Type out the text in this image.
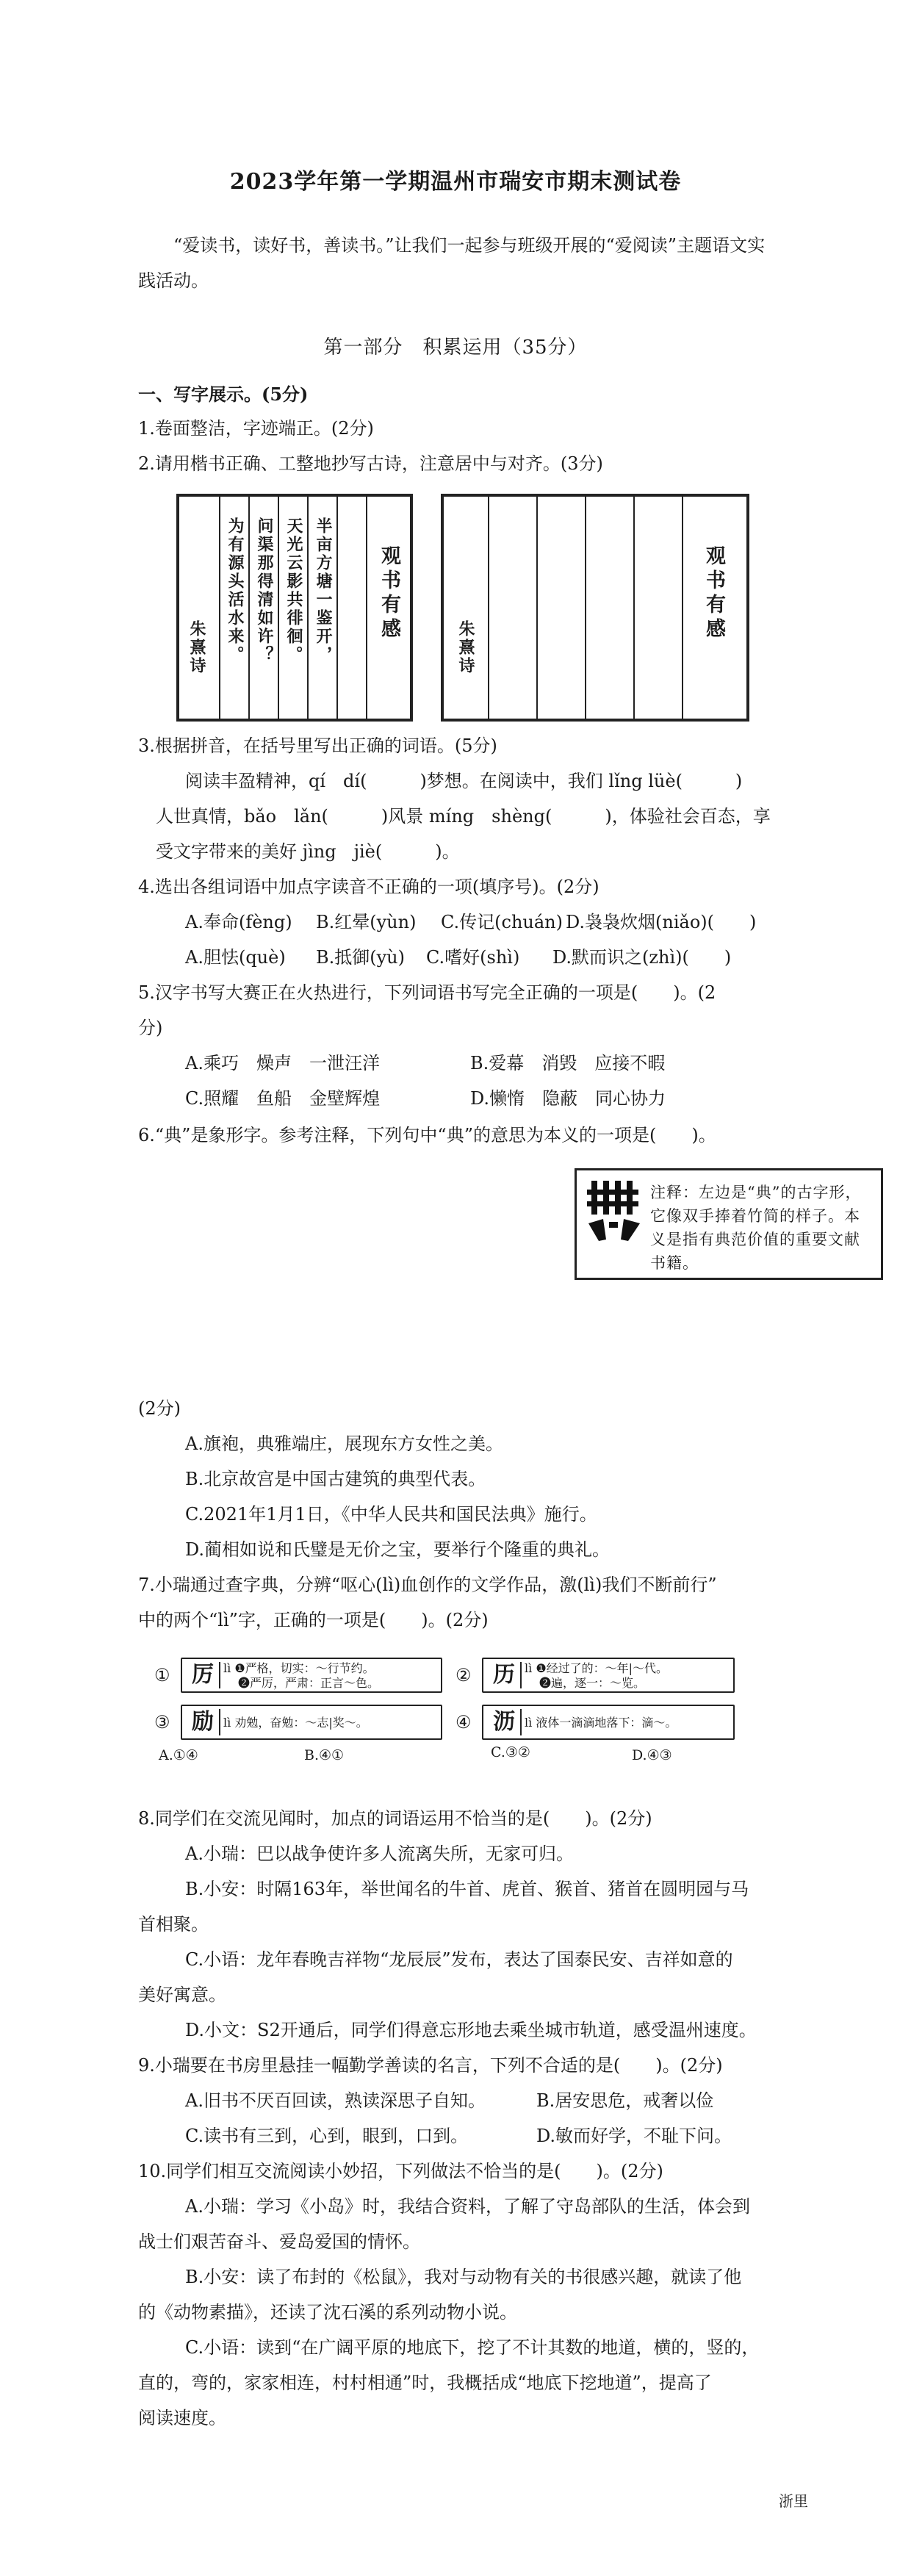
2023学年第一学期温州市瑞安市期末测试卷
“爱读书，读好书，善读书。”让我们一起参与班级开展的“爱阅读”主题语文实践活动。
第一部分　积累运用（35分）
一、写字展示。(5分)
1.卷面整洁，字迹端正。(2分)
2.请用楷书正确、工整地抄写古诗，注意居中与对齐。(3分)
朱熹诗 为有源头活水来。 问渠那得清如许？ 天光云影共徘徊。 半亩方塘一鉴开， 观书有感
朱熹诗
观书有感
3.根据拼音，在括号里写出正确的词语。(5分)
阅读丰盈精神，qí　dí(　　　)梦想。在阅读中，我们 lǐng lüè(　　　)
人世真情，bǎo　lǎn(　　　)风景 míng　shèng(　　　)，体验社会百态，享
受文字带来的美好 jìng　jiè(　　　)。
4.选出各组词语中加点字读音不正确的一项(填序号)。(2分)
A.奉命(fèng) B.红晕(yùn) C.传记(chuán) D.袅袅炊烟(niǎo)(　　)
A.胆怯(què) B.抵御(yù) C.嗜好(shì) D.默而识之(zhì)(　　)
5.汉字书写大赛正在火热进行，下列词语书写完全正确的一项是(　　)。(2
分)
A.乘巧　燥声　一泄汪洋	B.爱幕　消毁　应接不暇
C.照耀　鱼船　金壁辉煌	D.懒惰　隐蔽　同心协力
6.“典”是象形字。参考注释，下列句中“典”的意思为本义的一项是(　　)。
注释：左边是“典”的古字形，它像双手捧着竹简的样子。本义是指有典范价值的重要文献书籍。
(2分)
A.旗袍，典雅端庄，展现东方女性之美。
B.北京故宫是中国古建筑的典型代表。
C.2021年1月1日，《中华人民共和国民法典》施行。
D.蔺相如说和氏璧是无价之宝，要举行个隆重的典礼。
7.小瑞通过查字典，分辨“呕心(lì)血创作的文学作品，激(lì)我们不断前行”
中的两个“lì”字，正确的一项是(　　)。(2分)
① 厉 lì ❶严格，切实：～行节约。
❷严厉，严肃：正言～色。	② 历 lì ❶经过了的：～年|～代。
❷遍，逐一：～览。
③ 励 lì 劝勉，奋勉：～志|奖～。	④ 沥 lì 液体一滴滴地落下：滴～。
A.①④	B.④①	C.③②	D.④③
8.同学们在交流见闻时，加点的词语运用不恰当的是(　　)。(2分)
A.小瑞：巴以战争使许多人流离失所，无家可归。
B.小安：时隔163年，举世闻名的牛首、虎首、猴首、猪首在圆明园与马
首相聚。
C.小语：龙年春晚吉祥物“龙辰辰”发布，表达了国泰民安、吉祥如意的
美好寓意。
D.小文：S2开通后，同学们得意忘形地去乘坐城市轨道，感受温州速度。
9.小瑞要在书房里悬挂一幅勤学善读的名言，下列不合适的是(　　)。(2分)
A.旧书不厌百回读，熟读深思子自知。	B.居安思危，戒奢以俭
C.读书有三到，心到，眼到，口到。	D.敏而好学，不耻下问。
10.同学们相互交流阅读小妙招，下列做法不恰当的是(　　)。(2分)
A.小瑞：学习《小岛》时，我结合资料，了解了守岛部队的生活，体会到
战士们艰苦奋斗、爱岛爱国的情怀。
B.小安：读了布封的《松鼠》，我对与动物有关的书很感兴趣，就读了他
的《动物素描》，还读了沈石溪的系列动物小说。
C.小语：读到“在广阔平原的地底下，挖了不计其数的地道，横的，竖的，
直的，弯的，家家相连，村村相通”时，我概括成“地底下挖地道”，提高了
阅读速度。
浙里
